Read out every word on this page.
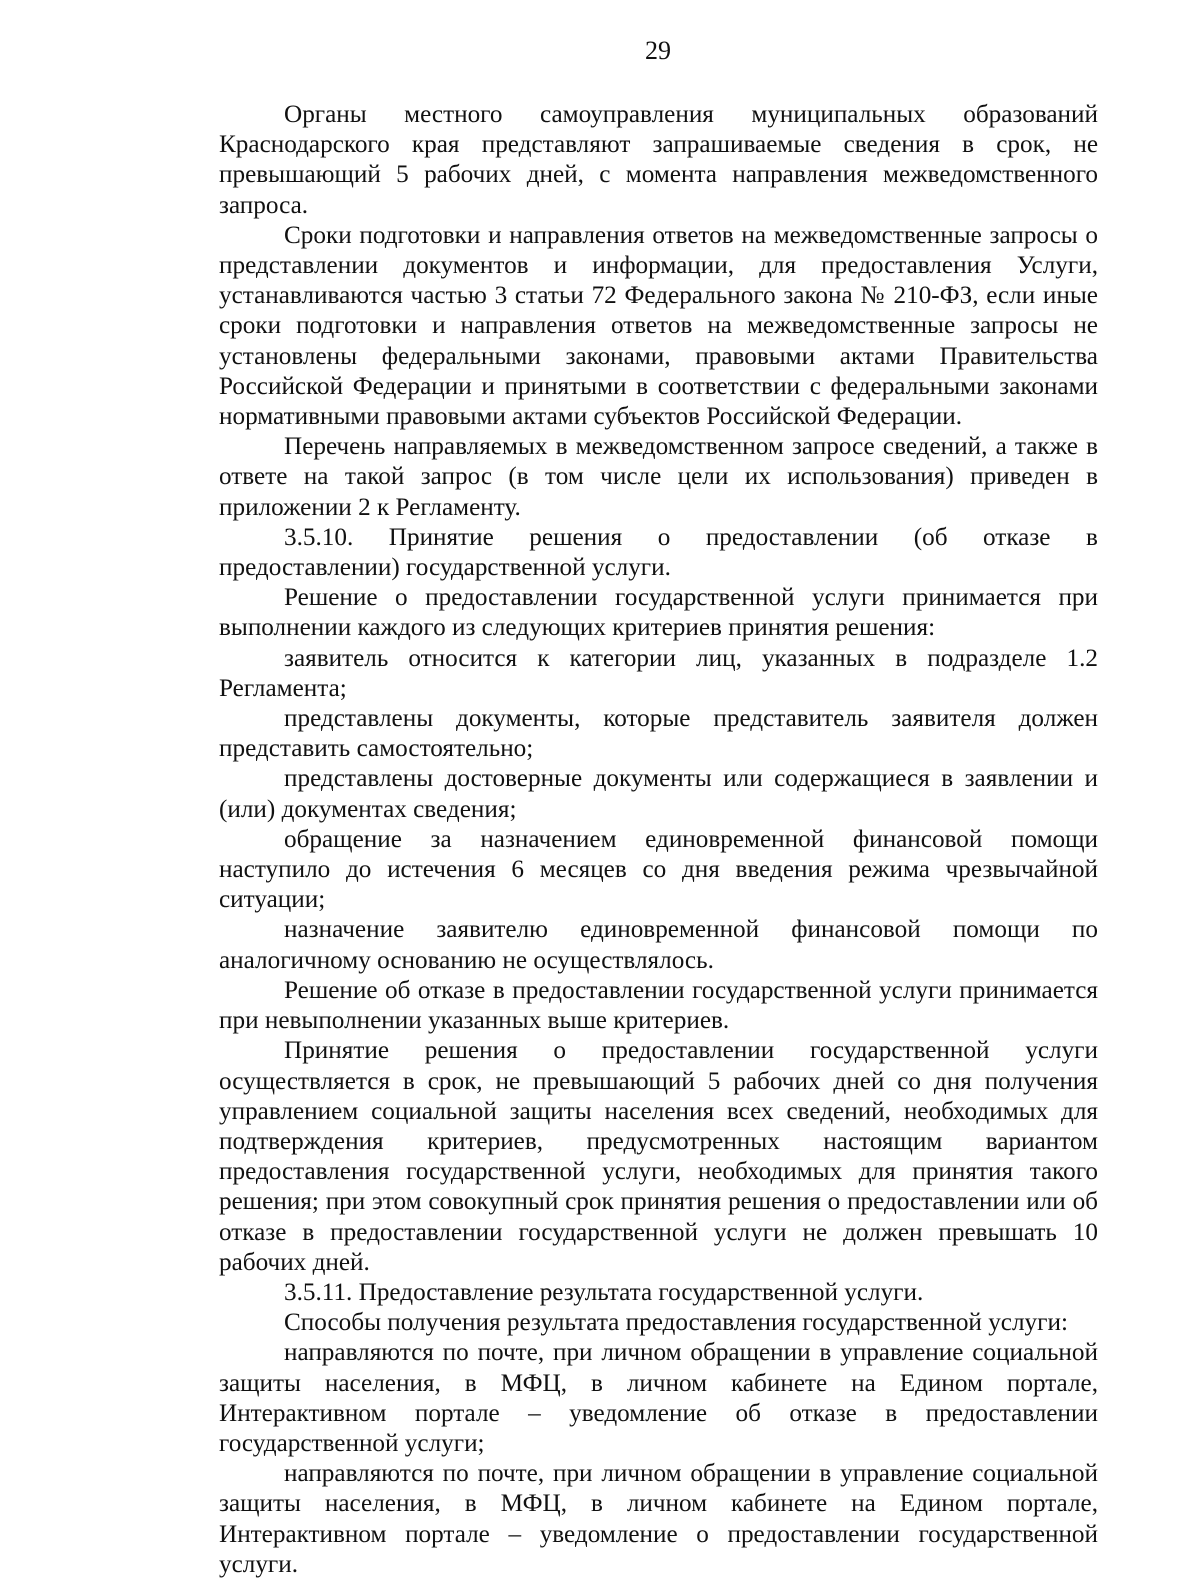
29

Органы местного самоуправления муниципальных образований Краснодарского края представляют запрашиваемые сведения в срок, не превышающий 5 рабочих дней, с момента направления межведомственного запроса.

Сроки подготовки и направления ответов на межведомственные запросы о представлении документов и информации, для предоставления Услуги, устанавливаются частью 3 статьи 72 Федерального закона № 210-ФЗ, если иные сроки подготовки и направления ответов на межведомственные запросы не установлены федеральными законами, правовыми актами Правительства Российской Федерации и принятыми в соответствии с федеральными законами нормативными правовыми актами субъектов Российской Федерации.

Перечень направляемых в межведомственном запросе сведений, а также в ответе на такой запрос (в том числе цели их использования) приведен в приложении 2 к Регламенту.

3.5.10. Принятие решения о предоставлении (об отказе в

предоставлении) государственной услуги.

Решение о предоставлении государственной услуги принимается при выполнении каждого из следующих критериев принятия решения:

заявитель относится к категории лиц, указанных в подразделе 1.2 Регламента;

представлены документы, которые представитель заявителя должен представить самостоятельно;

представлены достоверные документы или содержащиеся в заявлении и (или) документах сведения;

обращение за назначением единовременной финансовой помощи наступило до истечения 6 месяцев со дня введения режима чрезвычайной ситуации;

назначение заявителю единовременной финансовой помощи по аналогичному основанию не осуществлялось.

Решение об отказе в предоставлении государственной услуги принимается при невыполнении указанных выше критериев.

Принятие решения о предоставлении государственной услуги осуществляется в срок, не превышающий 5 рабочих дней со дня получения управлением социальной защиты населения всех сведений, необходимых для подтверждения критериев, предусмотренных настоящим вариантом предоставления государственной услуги, необходимых для принятия такого решения; при этом совокупный срок принятия решения о предоставлении или об отказе в предоставлении государственной услуги не должен превышать 10 рабочих дней.

3.5.11. Предоставление результата государственной услуги.

Способы получения результата предоставления государственной услуги:

направляются по почте, при личном обращении в управление социальной защиты населения, в МФЦ, в личном кабинете на Едином портале, Интерактивном портале – уведомление об отказе в предоставлении государственной услуги;

направляются по почте, при личном обращении в управление социальной защиты населения, в МФЦ, в личном кабинете на Едином портале, Интерактивном портале – уведомление о предоставлении государственной услуги.
